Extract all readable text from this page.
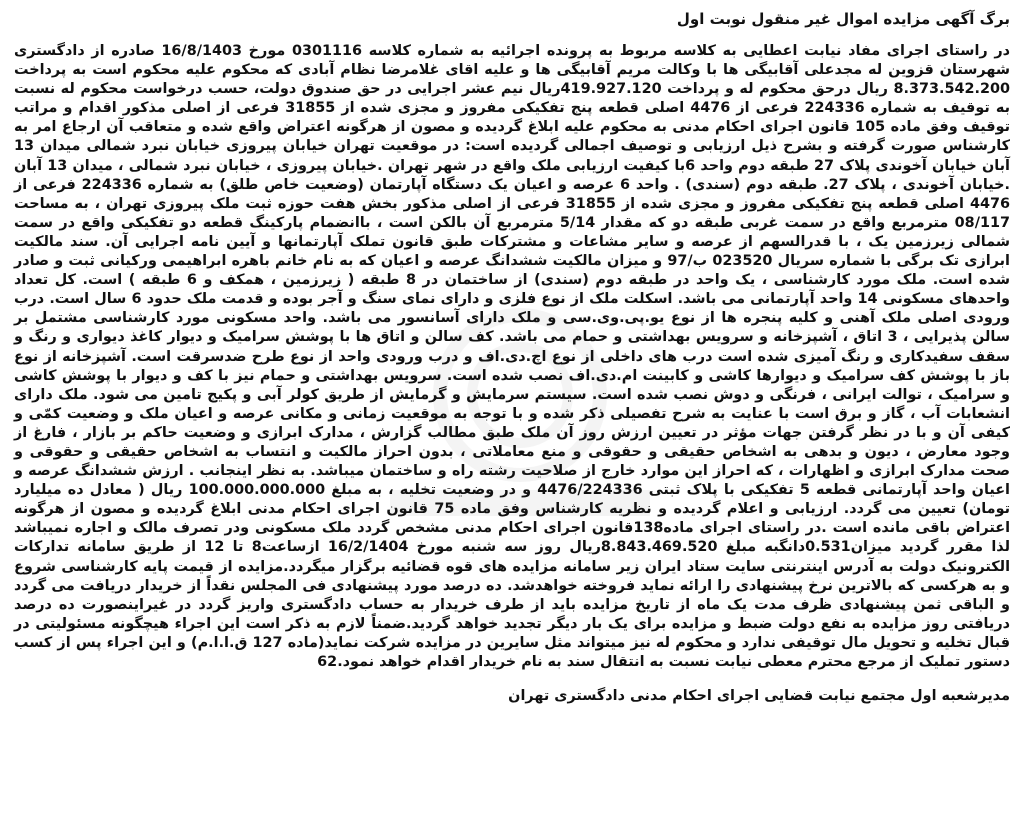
برگ آگهی مزایده اموال غیر منقول نوبت اول

در راستای اجرای مفاد نیابت اعطایی به کلاسه مربوط به پرونده اجرائیه به شماره کلاسه 0301116 مورخ 16/8/1403 صادره از دادگستری شهرستان قزوین له مجدعلی آقابیگی ها با وکالت مریم آقابیگی ها و علیه اقای غلامرضا نظام آبادی که محکوم علیه محکوم است به پرداخت 8.373.542.200 ریال درحق محکوم له و پرداخت 419.927.120ریال نیم عشر اجرایی در حق صندوق دولت، حسب درخواست محکوم له نسبت به توقیف به شماره 224336 فرعی از 4476 اصلی قطعه پنج تفکیکی مفروز و مجزی شده از 31855 فرعی از اصلی مذکور اقدام و مراتب توقیف وفق ماده 105 قانون اجرای احکام مدنی به محکوم علیه ابلاغ گردیده و مصون از هرگونه اعتراض واقع شده و متعاقب آن ارجاع امر به کارشناس صورت گرفته و بشرح ذیل ارزیابی و توصیف اجمالی گردیده است: در موقعیت تهران خیابان پیروزی خیابان نبرد شمالی میدان 13 آبان خیابان آخوندی پلاک 27 طبقه دوم واحد 6با کیفیت ارزیابی ملک واقع در شهر تهران .خیابان پیروزی ، خیابان نبرد شمالی ، میدان 13 آبان .خیابان آخوندی ، پلاک 27. طبقه دوم (سندی) . واحد 6 عرصه و اعیان یک دستگاه آپارتمان (وضعیت خاص طلق) به شماره 224336 فرعی از 4476 اصلی قطعه پنج تفکیکی مفروز و مجزی شده از 31855 فرعی از اصلی مذکور بخش هفت حوزه ثبت ملک پیروزی تهران ، به مساحت 08/117 مترمربع واقع در سمت غربی طبقه دو که مقدار 5/14 مترمربع آن بالکن است ، باانضمام پارکینگ قطعه دو تفکیکی واقع در سمت شمالی زیرزمین یک ، با قدرالسهم از عرصه و سایر مشاعات و مشترکات طبق قانون تملک آپارتمانها و آیین نامه اجرایی آن. سند مالکیت ابرازی تک برگی با شماره سریال 023520 ب/97 و میزان مالکیت ششدانگ عرصه و اعیان که به نام خانم باهره ابراهیمی ورکیانی ثبت و صادر شده است. ملک مورد کارشناسی ، یک واحد در طبقه دوم (سندی) از ساختمان در 8 طبقه ( زیرزمین ، همکف و 6 طبقه ) است. کل تعداد واحدهای مسکونی 14 واحد آپارتمانی می باشد. اسکلت ملک از نوع فلزی و دارای نمای سنگ و آجر بوده و قدمت ملک حدود 6 سال است. درب ورودی اصلی ملک آهنی و کلیه پنجره ها از نوع یو.پی.وی.سی و ملک دارای آسانسور می باشد. واحد مسکونی مورد کارشناسی مشتمل بر سالن پذیرایی ، 3 اتاق ، آشپزخانه و سرویس بهداشتی و حمام می باشد. کف سالن و اتاق ها با پوشش سرامیک و دیوار کاغذ دیواری و رنگ و سقف سفیدکاری و رنگ آمیزی شده است درب های داخلی از نوع اچ.دی.اف و درب ورودی واحد از نوع طرح ضدسرقت است. آشپزخانه از نوع باز با پوشش کف سرامیک و دیوارها کاشی و کابینت ام.دی.اف نصب شده است. سرویس بهداشتی و حمام نیز با کف و دیوار با پوشش کاشی و سرامیک ، توالت ایرانی ، فرنگی و دوش نصب شده است. سیستم سرمایش و گرمایش از طریق کولر آبی و پکیج تامین می شود. ملک دارای انشعابات آب ، گاز و برق است با عنایت به شرح تفصیلی ذکر شده و با توجه به موقعیت زمانی و مکانی عرصه و اعیان ملک و وضعیت کمّی و کیفی آن و با در نظر گرفتن جهات مؤثر در تعیین ارزش روز آن ملک طبق مطالب گزارش ، مدارک ابرازی و وضعیت حاکم بر بازار ، فارغ از وجود معارض ، دیون و بدهی به اشخاص حقیقی و حقوقی و منع معاملاتی ، بدون احراز مالکیت و انتساب به اشخاص حقیقی و حقوقی و صحت مدارک ابرازی و اظهارات ، که احراز این موارد خارج از صلاحیت رشته راه و ساختمان میباشد. به نظر اینجانب . ارزش ششدانگ عرصه و اعیان واحد آپارتمانی قطعه 5 تفکیکی با پلاک ثبتی 4476/224336 و در وضعیت تخلیه ، به مبلغ 100.000.000.000 ریال ( معادل ده میلیارد تومان) تعیین می گردد. ارزیابی و اعلام گردیده و نظریه کارشناس وفق ماده 75 قانون اجرای احکام مدنی ابلاغ گردیده و مصون از هرگونه اعتراض باقی مانده است .در راستای اجرای ماده138قانون اجرای احکام مدنی مشخص گردد ملک مسکونی ودر تصرف مالک و اجاره نمیباشد لذا مقرر گردید میزان0.531دانگبه مبلغ 8.843.469.520ریال روز سه شنبه مورخ 16/2/1404 ازساعت8 تا 12 از طریق سامانه تدارکات الکترونیک دولت به آدرس اینترنتی سایت ستاد ایران زیر سامانه مزایده های قوه قضائیه برگزار میگردد.مزایده از قیمت پایه کارشناسی شروع و به هرکسی که بالاترین نرخ پیشنهادی را ارائه نماید فروخته خواهدشد. ده درصد مورد پیشنهادی فی المجلس نقداً از خریدار دریافت می گردد و الباقی ثمن پیشنهادی ظرف مدت یک ماه از تاریخ مزایده باید از طرف خریدار به حساب دادگستری واریز گردد در غیراینصورت ده درصد دریافتی روز مزایده به نفع دولت ضبط و مزایده برای یک بار دیگر تجدید خواهد گردید.ضمناً لازم به ذکر است این اجراء هیچگونه مسئولیتی در قبال تخلیه و تحویل مال توقیفی ندارد و محکوم له نیز میتواند مثل سایرین در مزایده شرکت نماید(ماده 127 ق.ا.ا.م) و این اجراء پس از کسب دستور تملیک از مرجع محترم معطی نیابت نسبت به انتقال سند به نام خریدار اقدام خواهد نمود.62

مدیرشعبه اول مجتمع نیابت قضایی اجرای احکام مدنی دادگستری تهران
